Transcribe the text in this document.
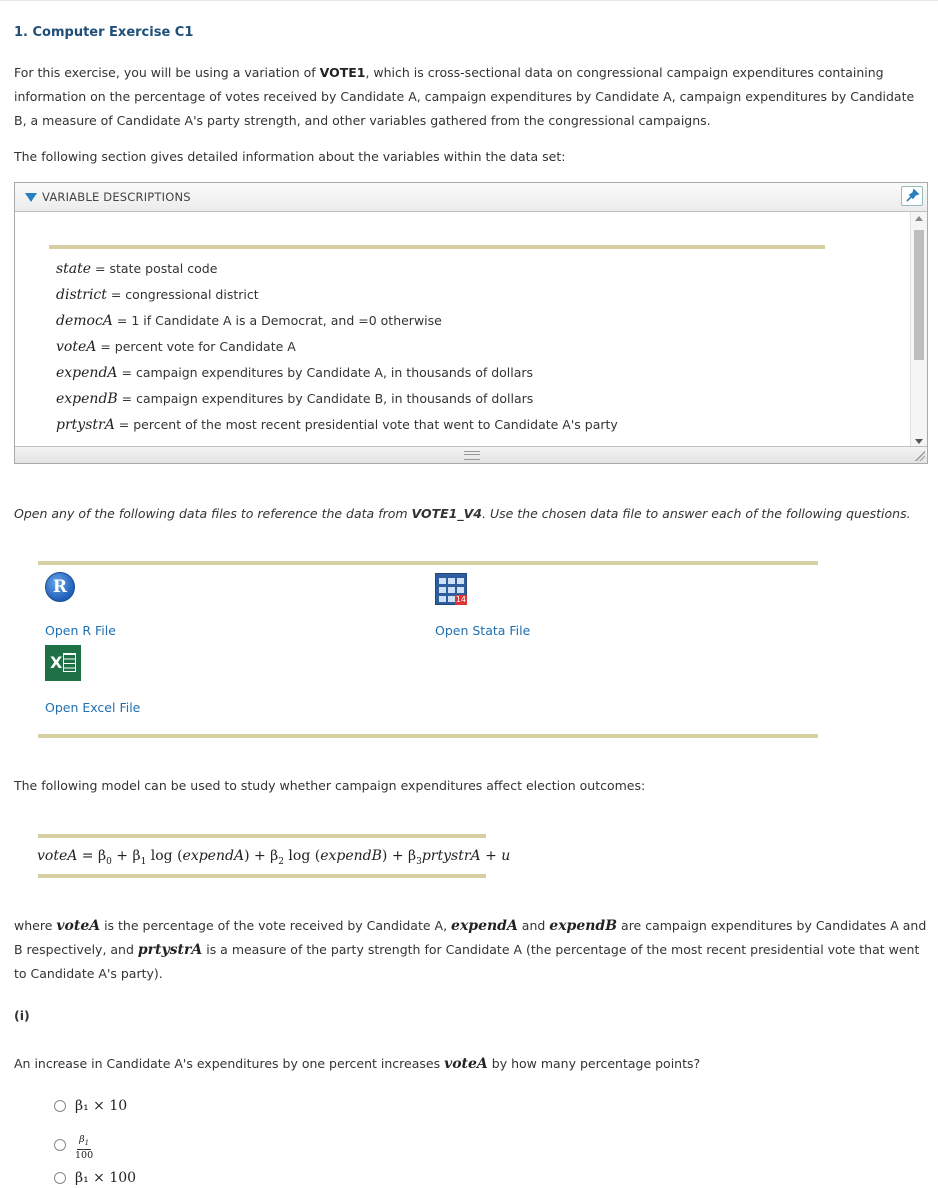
1. Computer Exercise C1
For this exercise, you will be using a variation of VOTE1, which is cross-sectional data on congressional campaign expenditures containing information on the percentage of votes received by Candidate A, campaign expenditures by Candidate A, campaign expenditures by Candidate B, a measure of Candidate A's party strength, and other variables gathered from the congressional campaigns.
The following section gives detailed information about the variables within the data set:
VARIABLE DESCRIPTIONS
state = state postal code
district = congressional district
democA = 1 if Candidate A is a Democrat, and =0 otherwise
voteA = percent vote for Candidate A
expendA = campaign expenditures by Candidate A, in thousands of dollars
expendB = campaign expenditures by Candidate B, in thousands of dollars
prtystrA = percent of the most recent presidential vote that went to Candidate A's party
Open any of the following data files to reference the data from VOTE1_V4. Use the chosen data file to answer each of the following questions.
R
Open R File
14
Open Stata File
X
Open Excel File
The following model can be used to study whether campaign expenditures affect election outcomes:
voteA = $\beta_0 + \beta_1$ log (expendA) + $\beta_2$ log (expendB) + $\beta_3prtystrA + u$
where voteA is the percentage of the vote received by Candidate A, expendA and expendB are campaign expenditures by Candidates A and B respectively, and prtystrA is a measure of the party strength for Candidate A (the percentage of the most recent presidential vote that went to Candidate A's party).
(i)
An increase in Candidate A's expenditures by one percent increases voteA by how many percentage points?
β₁ × 10
$\frac{\beta_1}{100}$
β₁ × 100
